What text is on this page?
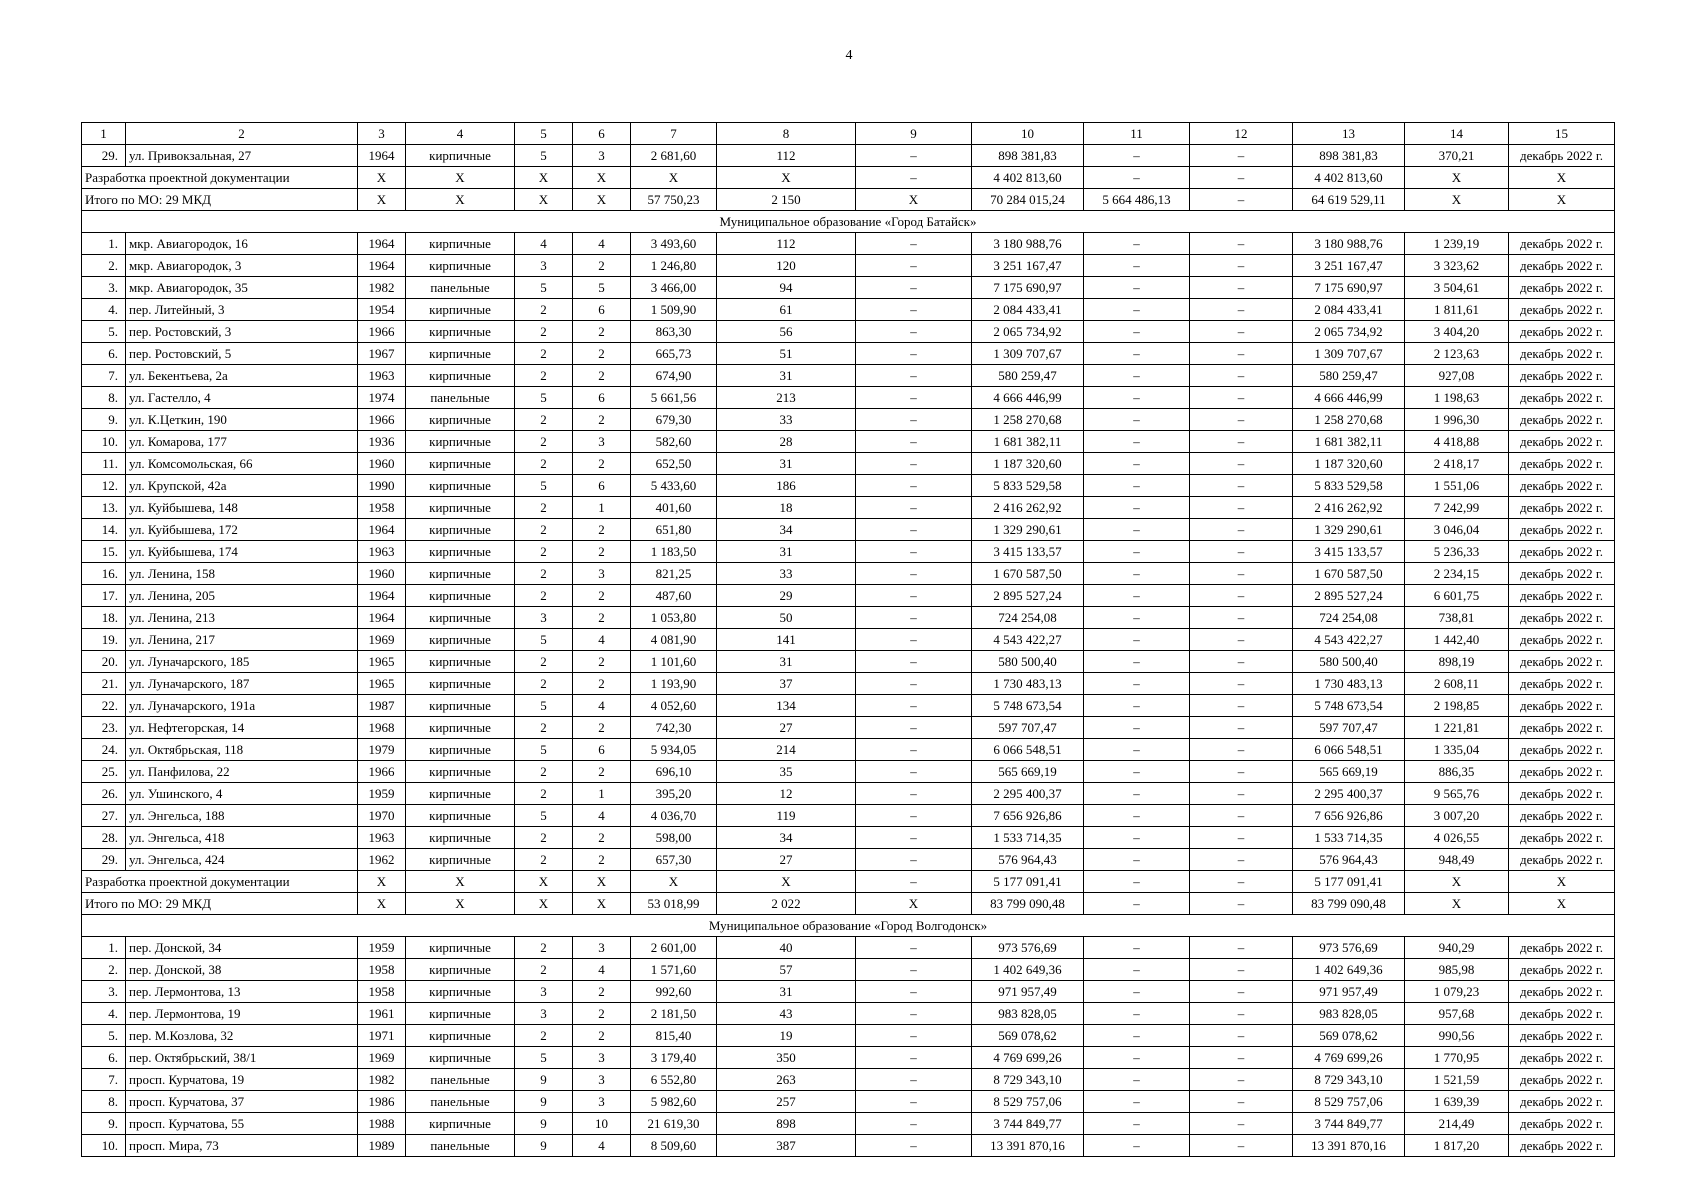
4
1	2	3	4	5	6	7	8	9	10	11	12	13	14	15
29.	ул. Привокзальная, 27	1964	кирпичные	5	3	2 681,60	112	–	898 381,83	–	–	898 381,83	370,21	декабрь 2022 г.
Разработка проектной документации		Х	Х	Х	Х	Х	Х	–	4 402 813,60	–	–	4 402 813,60	Х	Х
Итого по МО: 29 МКД		Х	Х	Х	Х	57 750,23	2 150	Х	70 284 015,24	5 664 486,13	–	64 619 529,11	Х	Х
Муниципальное образование «Город Батайск»														
1.	мкр. Авиагородок, 16	1964	кирпичные	4	4	3 493,60	112	–	3 180 988,76	–	–	3 180 988,76	1 239,19	декабрь 2022 г.
2.	мкр. Авиагородок, 3	1964	кирпичные	3	2	1 246,80	120	–	3 251 167,47	–	–	3 251 167,47	3 323,62	декабрь 2022 г.
3.	мкр. Авиагородок, 35	1982	панельные	5	5	3 466,00	94	–	7 175 690,97	–	–	7 175 690,97	3 504,61	декабрь 2022 г.
4.	пер. Литейный, 3	1954	кирпичные	2	6	1 509,90	61	–	2 084 433,41	–	–	2 084 433,41	1 811,61	декабрь 2022 г.
5.	пер. Ростовский, 3	1966	кирпичные	2	2	863,30	56	–	2 065 734,92	–	–	2 065 734,92	3 404,20	декабрь 2022 г.
6.	пер. Ростовский, 5	1967	кирпичные	2	2	665,73	51	–	1 309 707,67	–	–	1 309 707,67	2 123,63	декабрь 2022 г.
7.	ул. Бекентьева, 2а	1963	кирпичные	2	2	674,90	31	–	580 259,47	–	–	580 259,47	927,08	декабрь 2022 г.
8.	ул. Гастелло, 4	1974	панельные	5	6	5 661,56	213	–	4 666 446,99	–	–	4 666 446,99	1 198,63	декабрь 2022 г.
9.	ул. К.Цеткин, 190	1966	кирпичные	2	2	679,30	33	–	1 258 270,68	–	–	1 258 270,68	1 996,30	декабрь 2022 г.
10.	ул. Комарова, 177	1936	кирпичные	2	3	582,60	28	–	1 681 382,11	–	–	1 681 382,11	4 418,88	декабрь 2022 г.
11.	ул. Комсомольская, 66	1960	кирпичные	2	2	652,50	31	–	1 187 320,60	–	–	1 187 320,60	2 418,17	декабрь 2022 г.
12.	ул. Крупской, 42а	1990	кирпичные	5	6	5 433,60	186	–	5 833 529,58	–	–	5 833 529,58	1 551,06	декабрь 2022 г.
13.	ул. Куйбышева, 148	1958	кирпичные	2	1	401,60	18	–	2 416 262,92	–	–	2 416 262,92	7 242,99	декабрь 2022 г.
14.	ул. Куйбышева, 172	1964	кирпичные	2	2	651,80	34	–	1 329 290,61	–	–	1 329 290,61	3 046,04	декабрь 2022 г.
15.	ул. Куйбышева, 174	1963	кирпичные	2	2	1 183,50	31	–	3 415 133,57	–	–	3 415 133,57	5 236,33	декабрь 2022 г.
16.	ул. Ленина, 158	1960	кирпичные	2	3	821,25	33	–	1 670 587,50	–	–	1 670 587,50	2 234,15	декабрь 2022 г.
17.	ул. Ленина, 205	1964	кирпичные	2	2	487,60	29	–	2 895 527,24	–	–	2 895 527,24	6 601,75	декабрь 2022 г.
18.	ул. Ленина, 213	1964	кирпичные	3	2	1 053,80	50	–	724 254,08	–	–	724 254,08	738,81	декабрь 2022 г.
19.	ул. Ленина, 217	1969	кирпичные	5	4	4 081,90	141	–	4 543 422,27	–	–	4 543 422,27	1 442,40	декабрь 2022 г.
20.	ул. Луначарского, 185	1965	кирпичные	2	2	1 101,60	31	–	580 500,40	–	–	580 500,40	898,19	декабрь 2022 г.
21.	ул. Луначарского, 187	1965	кирпичные	2	2	1 193,90	37	–	1 730 483,13	–	–	1 730 483,13	2 608,11	декабрь 2022 г.
22.	ул. Луначарского, 191а	1987	кирпичные	5	4	4 052,60	134	–	5 748 673,54	–	–	5 748 673,54	2 198,85	декабрь 2022 г.
23.	ул. Нефтегорская, 14	1968	кирпичные	2	2	742,30	27	–	597 707,47	–	–	597 707,47	1 221,81	декабрь 2022 г.
24.	ул. Октябрьская, 118	1979	кирпичные	5	6	5 934,05	214	–	6 066 548,51	–	–	6 066 548,51	1 335,04	декабрь 2022 г.
25.	ул. Панфилова, 22	1966	кирпичные	2	2	696,10	35	–	565 669,19	–	–	565 669,19	886,35	декабрь 2022 г.
26.	ул. Ушинского, 4	1959	кирпичные	2	1	395,20	12	–	2 295 400,37	–	–	2 295 400,37	9 565,76	декабрь 2022 г.
27.	ул. Энгельса, 188	1970	кирпичные	5	4	4 036,70	119	–	7 656 926,86	–	–	7 656 926,86	3 007,20	декабрь 2022 г.
28.	ул. Энгельса, 418	1963	кирпичные	2	2	598,00	34	–	1 533 714,35	–	–	1 533 714,35	4 026,55	декабрь 2022 г.
29.	ул. Энгельса, 424	1962	кирпичные	2	2	657,30	27	–	576 964,43	–	–	576 964,43	948,49	декабрь 2022 г.
Разработка проектной документации		Х	Х	Х	Х	Х	Х	–	5 177 091,41	–	–	5 177 091,41	Х	Х
Итого по МО: 29 МКД		Х	Х	Х	Х	53 018,99	2 022	Х	83 799 090,48	–	–	83 799 090,48	Х	Х
Муниципальное образование «Город Волгодонск»														
1.	пер. Донской, 34	1959	кирпичные	2	3	2 601,00	40	–	973 576,69	–	–	973 576,69	940,29	декабрь 2022 г.
2.	пер. Донской, 38	1958	кирпичные	2	4	1 571,60	57	–	1 402 649,36	–	–	1 402 649,36	985,98	декабрь 2022 г.
3.	пер. Лермонтова, 13	1958	кирпичные	3	2	992,60	31	–	971 957,49	–	–	971 957,49	1 079,23	декабрь 2022 г.
4.	пер. Лермонтова, 19	1961	кирпичные	3	2	2 181,50	43	–	983 828,05	–	–	983 828,05	957,68	декабрь 2022 г.
5.	пер. М.Козлова, 32	1971	кирпичные	2	2	815,40	19	–	569 078,62	–	–	569 078,62	990,56	декабрь 2022 г.
6.	пер. Октябрьский, 38/1	1969	кирпичные	5	3	3 179,40	350	–	4 769 699,26	–	–	4 769 699,26	1 770,95	декабрь 2022 г.
7.	просп. Курчатова, 19	1982	панельные	9	3	6 552,80	263	–	8 729 343,10	–	–	8 729 343,10	1 521,59	декабрь 2022 г.
8.	просп. Курчатова, 37	1986	панельные	9	3	5 982,60	257	–	8 529 757,06	–	–	8 529 757,06	1 639,39	декабрь 2022 г.
9.	просп. Курчатова, 55	1988	кирпичные	9	10	21 619,30	898	–	3 744 849,77	–	–	3 744 849,77	214,49	декабрь 2022 г.
10.	просп. Мира, 73	1989	панельные	9	4	8 509,60	387	–	13 391 870,16	–	–	13 391 870,16	1 817,20	декабрь 2022 г.
